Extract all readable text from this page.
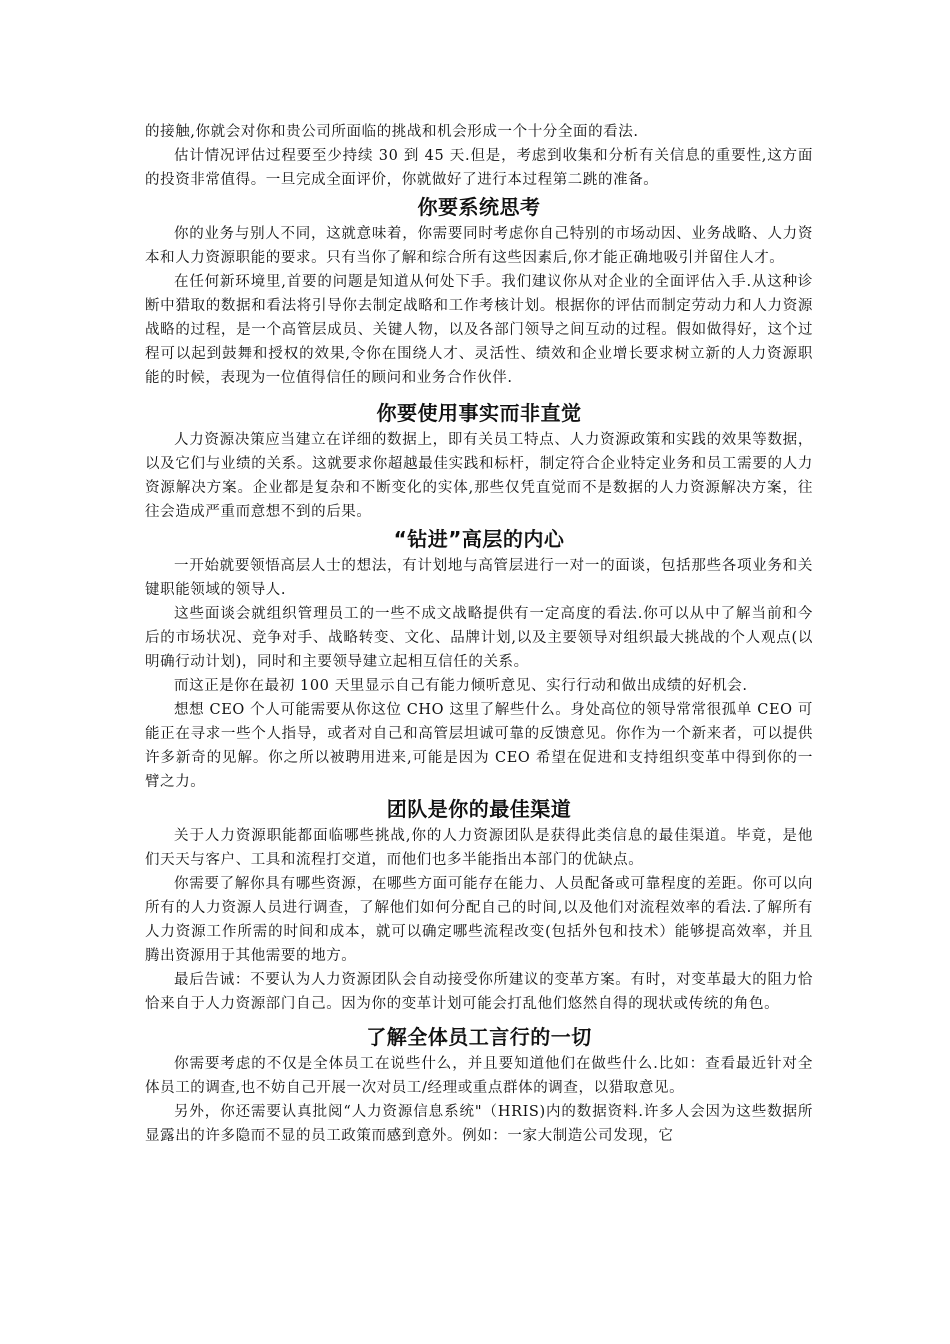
的接触,你就会对你和贵公司所面临的挑战和机会形成一个十分全面的看法.

估计情况评估过程要至少持续 30 到 45 天.但是，考虑到收集和分析有关信息的重要性,这方面的投资非常值得。一旦完成全面评价，你就做好了进行本过程第二跳的准备。

你要系统思考

你的业务与别人不同，这就意味着，你需要同时考虑你自己特别的市场动因、业务战略、人力资本和人力资源职能的要求。只有当你了解和综合所有这些因素后,你才能正确地吸引并留住人才。

在任何新环境里,首要的问题是知道从何处下手。我们建议你从对企业的全面评估入手.从这种诊断中猎取的数据和看法将引导你去制定战略和工作考核计划。根据你的评估而制定劳动力和人力资源战略的过程，是一个高管层成员、关键人物，以及各部门领导之间互动的过程。假如做得好，这个过程可以起到鼓舞和授权的效果,令你在围绕人才、灵活性、绩效和企业增长要求树立新的人力资源职能的时候，表现为一位值得信任的顾问和业务合作伙伴.

你要使用事实而非直觉

人力资源决策应当建立在详细的数据上，即有关员工特点、人力资源政策和实践的效果等数据，以及它们与业绩的关系。这就要求你超越最佳实践和标杆，制定符合企业特定业务和员工需要的人力资源解决方案。企业都是复杂和不断变化的实体,那些仅凭直觉而不是数据的人力资源解决方案，往往会造成严重而意想不到的后果。

“钻进”高层的内心

一开始就要领悟高层人士的想法，有计划地与高管层进行一对一的面谈，包括那些各项业务和关键职能领域的领导人.

这些面谈会就组织管理员工的一些不成文战略提供有一定高度的看法.你可以从中了解当前和今后的市场状况、竞争对手、战略转变、文化、品牌计划,以及主要领导对组织最大挑战的个人观点(以明确行动计划)，同时和主要领导建立起相互信任的关系。

而这正是你在最初 100 天里显示自己有能力倾听意见、实行行动和做出成绩的好机会.

想想 CEO 个人可能需要从你这位 CHO 这里了解些什么。身处高位的领导常常很孤单 CEO 可能正在寻求一些个人指导，或者对自己和高管层坦诚可靠的反馈意见。你作为一个新来者，可以提供许多新奇的见解。你之所以被聘用进来,可能是因为 CEO 希望在促进和支持组织变革中得到你的一臂之力。

团队是你的最佳渠道

关于人力资源职能都面临哪些挑战,你的人力资源团队是获得此类信息的最佳渠道。毕竟，是他们天天与客户、工具和流程打交道，而他们也多半能指出本部门的优缺点。

你需要了解你具有哪些资源，在哪些方面可能存在能力、人员配备或可靠程度的差距。你可以向所有的人力资源人员进行调查，了解他们如何分配自己的时间,以及他们对流程效率的看法.了解所有人力资源工作所需的时间和成本，就可以确定哪些流程改变(包括外包和技术）能够提高效率，并且腾出资源用于其他需要的地方。

最后告诫：不要认为人力资源团队会自动接受你所建议的变革方案。有时，对变革最大的阻力恰恰来自于人力资源部门自己。因为你的变革计划可能会打乱他们悠然自得的现状或传统的角色。

了解全体员工言行的一切

你需要考虑的不仅是全体员工在说些什么，并且要知道他们在做些什么.比如：查看最近针对全体员工的调查,也不妨自己开展一次对员工/经理或重点群体的调查，以猎取意见。

另外，你还需要认真批阅“人力资源信息系统"（HRIS)内的数据资料.许多人会因为这些数据所显露出的许多隐而不显的员工政策而感到意外。例如：一家大制造公司发现，它
